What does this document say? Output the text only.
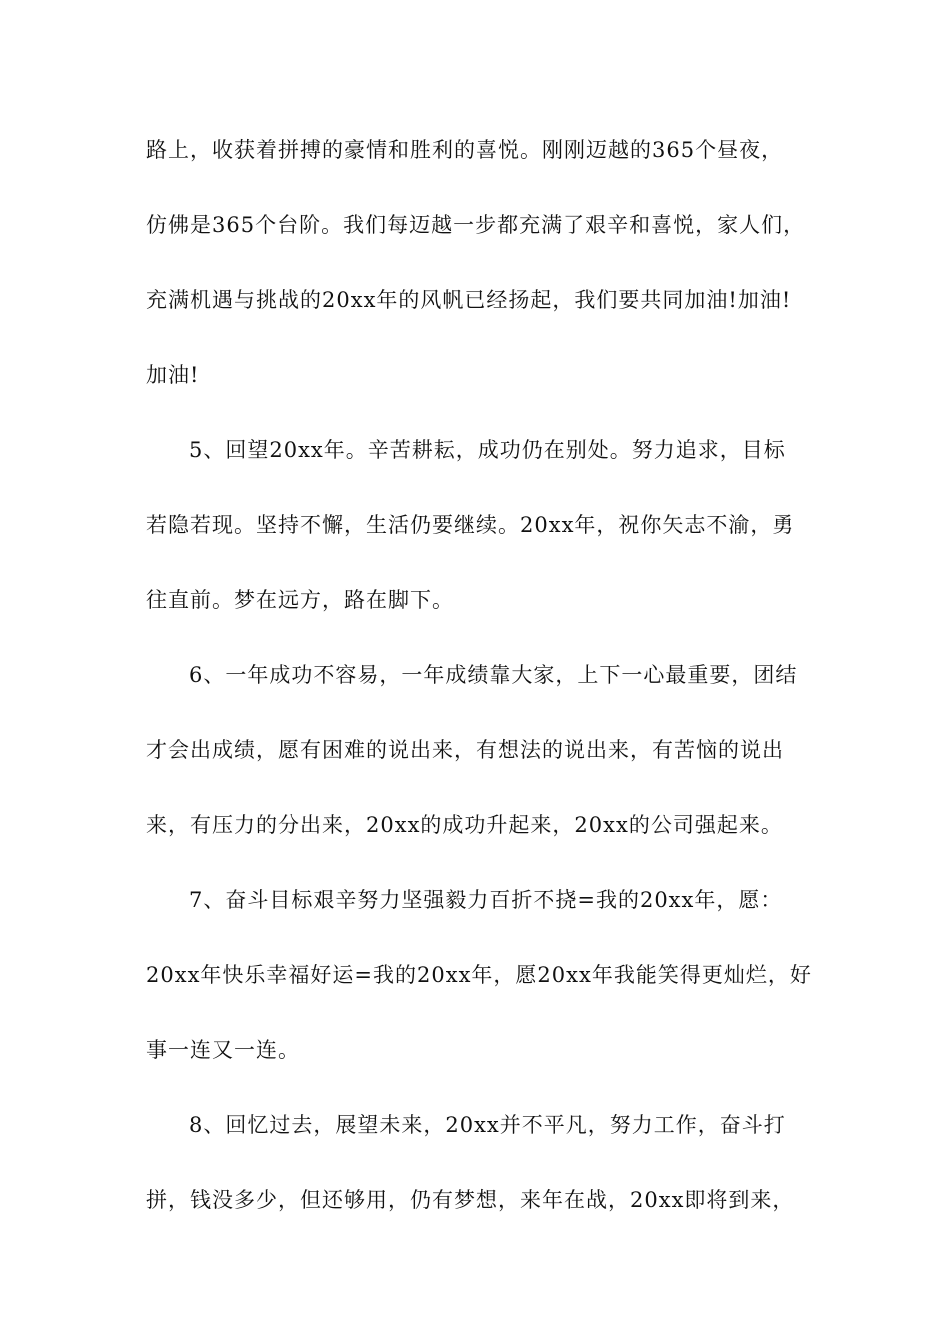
路上，收获着拼搏的豪情和胜利的喜悦。刚刚迈越的365个昼夜，
仿佛是365个台阶。我们每迈越一步都充满了艰辛和喜悦，家人们，
充满机遇与挑战的20xx年的风帆已经扬起，我们要共同加油!加油!
加油!
5、回望20xx年。辛苦耕耘，成功仍在别处。努力追求，目标
若隐若现。坚持不懈，生活仍要继续。20xx年，祝你矢志不渝，勇
往直前。梦在远方，路在脚下。
6、一年成功不容易，一年成绩靠大家，上下一心最重要，团结
才会出成绩，愿有困难的说出来，有想法的说出来，有苦恼的说出
来，有压力的分出来，20xx的成功升起来，20xx的公司强起来。
7、奋斗目标艰辛努力坚强毅力百折不挠=我的20xx年，愿：
20xx年快乐幸福好运=我的20xx年，愿20xx年我能笑得更灿烂，好
事一连又一连。
8、回忆过去，展望未来，20xx并不平凡，努力工作，奋斗打
拼，钱没多少，但还够用，仍有梦想，来年在战，20xx即将到来，
